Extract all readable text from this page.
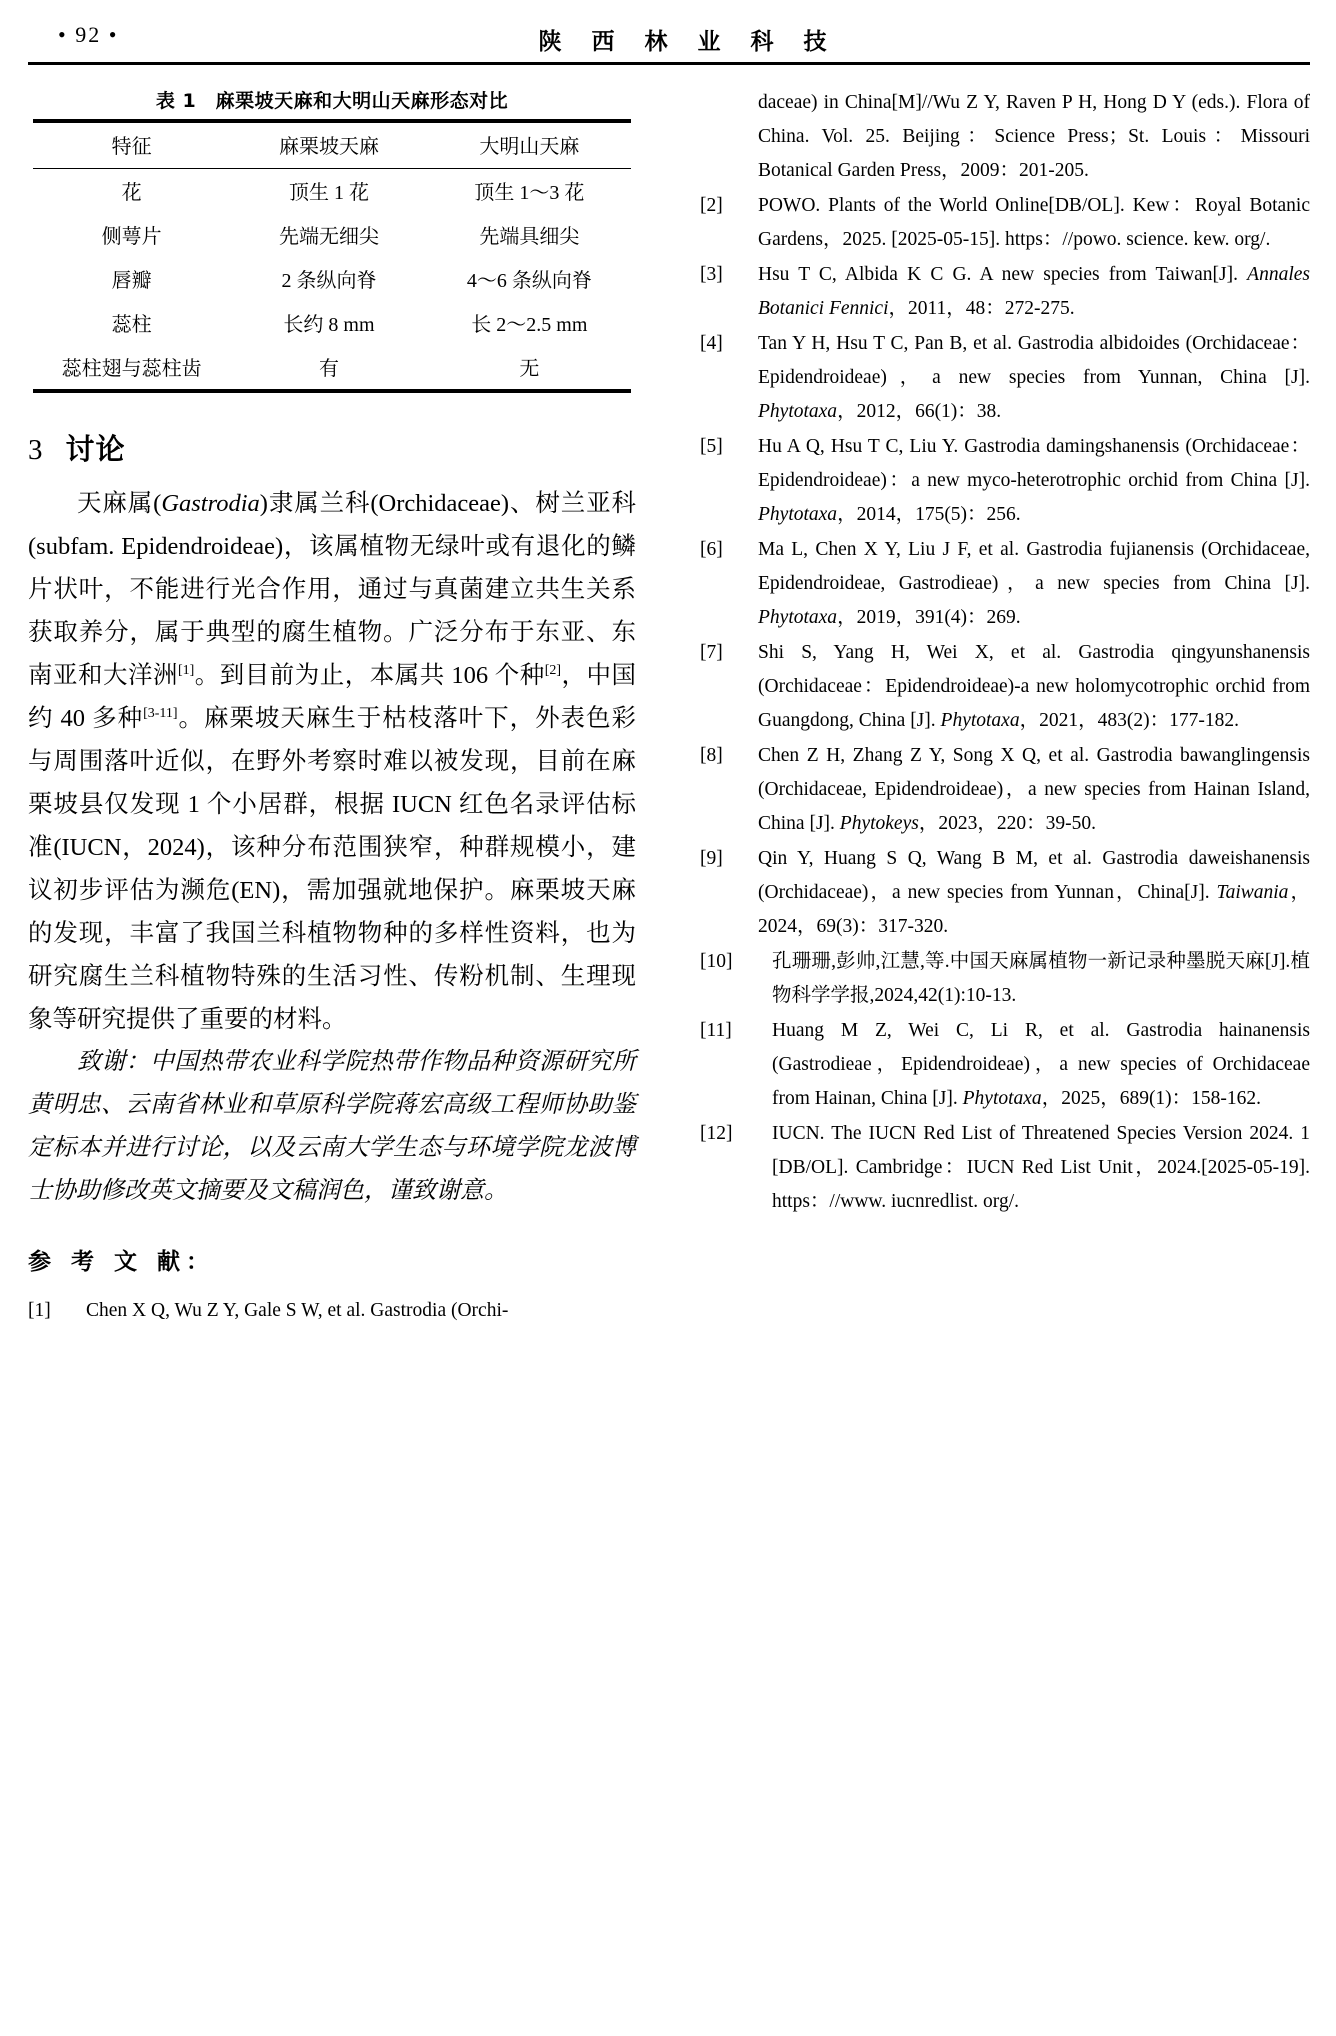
• 92 •	陕 西 林 业 科 技
表 1　麻栗坡天麻和大明山天麻形态对比
特征	麻栗坡天麻	大明山天麻
花	顶生 1 花	顶生 1～3 花
侧萼片	先端无细尖	先端具细尖
唇瓣	2 条纵向脊	4～6 条纵向脊
蕊柱	长约 8 mm	长 2～2.5 mm
蕊柱翅与蕊柱齿	有	无
3 讨论

天麻属(Gastrodia)隶属兰科(Orchidaceae)、树兰亚科(subfam. Epidendroideae)，该属植物无绿叶或有退化的鳞片状叶，不能进行光合作用，通过与真菌建立共生关系获取养分，属于典型的腐生植物。广泛分布于东亚、东南亚和大洋洲[1]。到目前为止，本属共 106 个种[2]，中国约 40 多种[3-11]。麻栗坡天麻生于枯枝落叶下，外表色彩与周围落叶近似，在野外考察时难以被发现，目前在麻栗坡县仅发现 1 个小居群，根据 IUCN 红色名录评估标准(IUCN，2024)，该种分布范围狭窄，种群规模小，建议初步评估为濒危(EN)，需加强就地保护。麻栗坡天麻的发现，丰富了我国兰科植物物种的多样性资料，也为研究腐生兰科植物特殊的生活习性、传粉机制、生理现象等研究提供了重要的材料。

致谢：中国热带农业科学院热带作物品种资源研究所黄明忠、云南省林业和草原科学院蒋宏高级工程师协助鉴定标本并进行讨论，以及云南大学生态与环境学院龙波博士协助修改英文摘要及文稿润色，谨致谢意。

参 考 文 献：
[1]	Chen X Q, Wu Z Y, Gale S W, et al. Gastrodia (Orchi-
daceae) in China[M]//Wu Z Y, Raven P H, Hong D Y (eds.). Flora of China. Vol. 25. Beijing：Science Press；St. Louis：Missouri Botanical Garden Press，2009：201-205.
[2]	POWO. Plants of the World Online[DB/OL]. Kew：Royal Botanic Gardens，2025. [2025-05-15]. https：//powo. science. kew. org/.
[3]	Hsu T C, Albida K C G. A new species from Taiwan[J]. Annales Botanici Fennici，2011，48：272-275.
[4]	Tan Y H, Hsu T C, Pan B, et al. Gastrodia albidoides (Orchidaceae：Epidendroideae)，a new species from Yunnan, China [J]. Phytotaxa，2012，66(1)：38.
[5]	Hu A Q, Hsu T C, Liu Y. Gastrodia damingshanensis (Orchidaceae：Epidendroideae)：a new myco-heterotrophic orchid from China [J]. Phytotaxa，2014，175(5)：256.
[6]	Ma L, Chen X Y, Liu J F, et al. Gastrodia fujianensis (Orchidaceae, Epidendroideae, Gastrodieae)，a new species from China [J]. Phytotaxa，2019，391(4)：269.
[7]	Shi S, Yang H, Wei X, et al. Gastrodia qingyunshanensis (Orchidaceae：Epidendroideae)-a new holomycotrophic orchid from Guangdong, China [J]. Phytotaxa，2021，483(2)：177-182.
[8]	Chen Z H, Zhang Z Y, Song X Q, et al. Gastrodia bawanglingensis (Orchidaceae, Epidendroideae)，a new species from Hainan Island, China [J]. Phytokeys，2023，220：39-50.
[9]	Qin Y, Huang S Q, Wang B M, et al. Gastrodia daweishanensis (Orchidaceae)，a new species from Yunnan，China[J]. Taiwania，2024，69(3)：317-320.
[10]	孔珊珊,彭帅,江慧,等.中国天麻属植物一新记录种墨脱天麻[J].植物科学学报,2024,42(1):10-13.
[11]	Huang M Z, Wei C, Li R, et al. Gastrodia hainanensis (Gastrodieae，Epidendroideae)，a new species of Orchidaceae from Hainan, China [J]. Phytotaxa，2025，689(1)：158-162.
[12]	IUCN. The IUCN Red List of Threatened Species Version 2024. 1 [DB/OL]. Cambridge：IUCN Red List Unit，2024.[2025-05-19]. https：//www. iucnredlist. org/.
